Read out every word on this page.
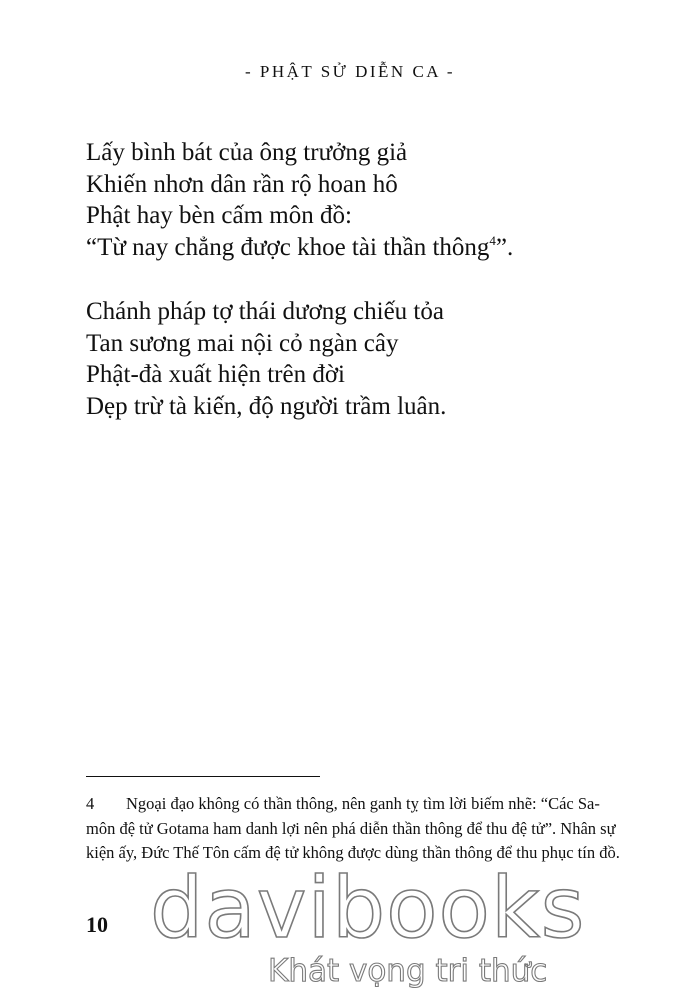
- PHẬT SỬ DIỄN CA -
Lấy bình bát của ông trưởng giả
Khiến nhơn dân rần rộ hoan hô
Phật hay bèn cấm môn đồ:
“Từ nay chẳng được khoe tài thần thông$^4$”.
Chánh pháp tợ thái dương chiếu tỏa
Tan sương mai nội cỏ ngàn cây
Phật-đà xuất hiện trên đời
Dẹp trừ tà kiến, độ người trầm luân.
4 Ngoại đạo không có thần thông, nên ganh tỵ tìm lời biếm nhẽ: “Các Sa-môn đệ tử Gotama ham danh lợi nên phá diễn thần thông để thu đệ tử”. Nhân sự kiện ấy, Đức Thế Tôn cấm đệ tử không được dùng thần thông để thu phục tín đồ.
10 davibooks
Khát vọng tri thức
